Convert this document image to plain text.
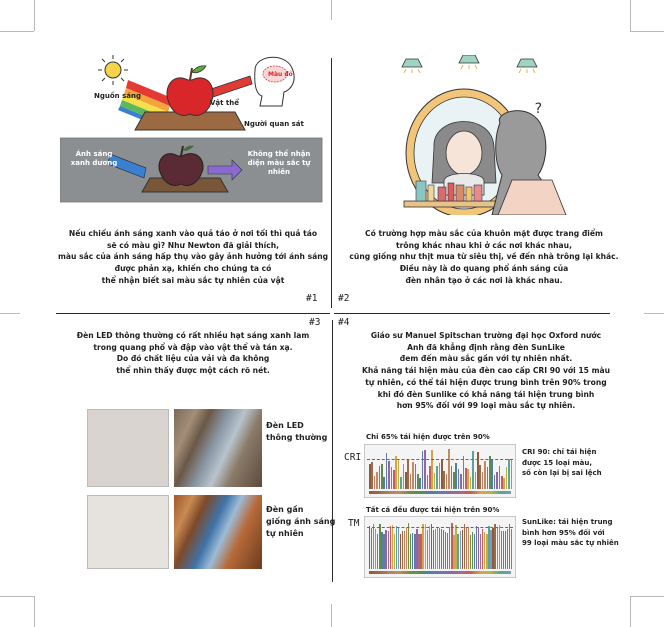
Nguồn sáng
Vật thể
Người quan sát
Màu đỏ
Ánh sáng
xanh dương
Không thể nhận
diện màu sắc tự
nhiên
Nếu chiếu ánh sáng xanh vào quả táo ở nơi tối thì quả táo
sẽ có màu gì? Như Newton đã giải thích,
màu sắc của ánh sáng hấp thụ vào gây ảnh hưởng tới ánh sáng
được phản xạ, khiến cho chúng ta có
thể nhận biết sai màu sắc tự nhiên của vật
#1
?
Có trường hợp màu sắc của khuôn mặt được trang điểm
trông khác nhau khi ở các nơi khác nhau,
cũng giống như thịt mua từ siêu thị, về đến nhà trông lại khác.
Điều này là do quang phổ ánh sáng của
đèn nhân tạo ở các nơi là khác nhau.
#2
#3
Đèn LED thông thường có rất nhiều hạt sáng xanh lam
trong quang phổ và đập vào vật thể và tán xạ.
Do đó chất liệu của vải và đa không
thể nhìn thấy được một cách rõ nét.
Đèn LED
thông thường
Đèn gần
giống ánh sáng
tự nhiên
#4
Giáo sư Manuel Spitschan trường đại học Oxford nước
Anh đã khẳng định rằng đèn SunLike
đem đến màu sắc gần với tự nhiên nhất.
Khả năng tái hiện màu của đèn cao cấp CRI 90 với 15 màu
tự nhiên, có thể tái hiện được trung bình trên 90% trong
khi đó đèn Sunlike có khả năng tái hiện trung bình
hơn 95% đối với 99 loại màu sắc tự nhiên.
Chỉ 65% tái hiện được trên 90%
CRI	CRI 90: chỉ tái hiện
được 15 loại màu,
số còn lại bị sai lệch
Tất cả đều được tái hiện trên 90%
TM	SunLike: tái hiện trung
bình hơn 95% đối với
99 loại màu sắc tự nhiên
